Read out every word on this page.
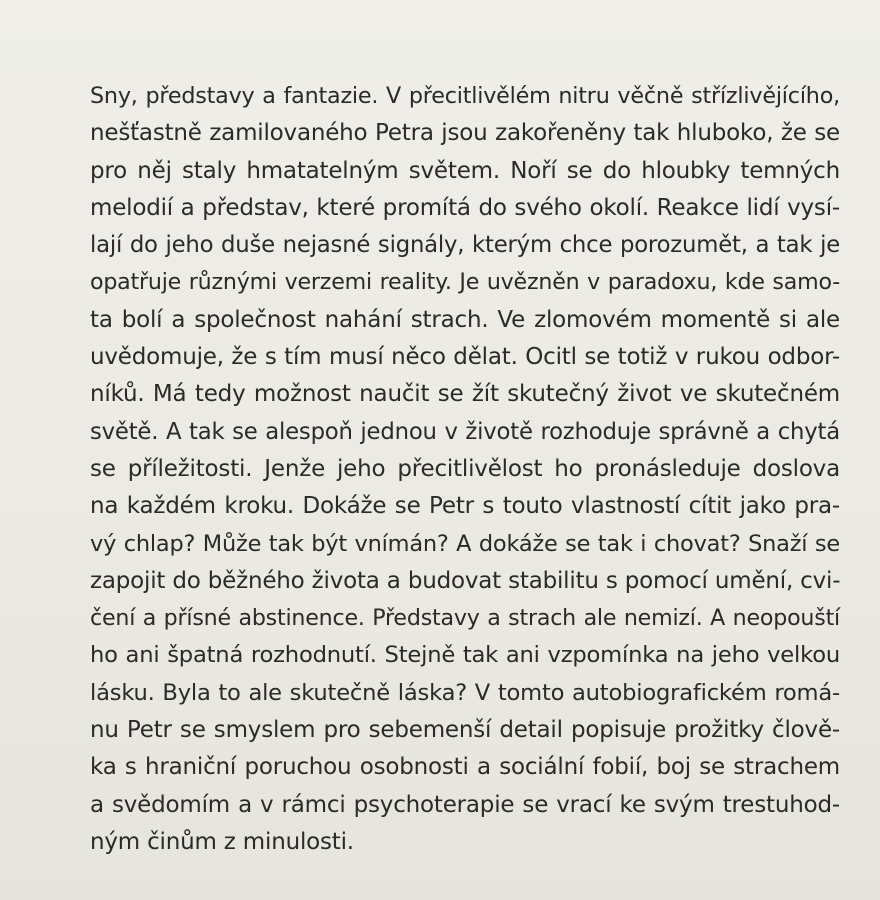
Sny, představy a fantazie. V přecitlivělém nitru věčně střízlivějícího,
nešťastně zamilovaného Petra jsou zakořeněny tak hluboko, že se
pro něj staly hmatatelným světem. Noří se do hloubky temných
melodií a představ, které promítá do svého okolí. Reakce lidí vysí-
lají do jeho duše nejasné signály, kterým chce porozumět, a tak je
opatřuje různými verzemi reality. Je uvězněn v paradoxu, kde samo-
ta bolí a společnost nahání strach. Ve zlomovém momentě si ale
uvědomuje, že s tím musí něco dělat. Ocitl se totiž v rukou odbor-
níků. Má tedy možnost naučit se žít skutečný život ve skutečném
světě. A tak se alespoň jednou v životě rozhoduje správně a chytá
se příležitosti. Jenže jeho přecitlivělost ho pronásleduje doslova
na každém kroku. Dokáže se Petr s touto vlastností cítit jako pra-
vý chlap? Může tak být vnímán? A dokáže se tak i chovat? Snaží se
zapojit do běžného života a budovat stabilitu s pomocí umění, cvi-
čení a přísné abstinence. Představy a strach ale nemizí. A neopouští
ho ani špatná rozhodnutí. Stejně tak ani vzpomínka na jeho velkou
lásku. Byla to ale skutečně láska? V tomto autobiografickém romá-
nu Petr se smyslem pro sebemenší detail popisuje prožitky člově-
ka s hraniční poruchou osobnosti a sociální fobií, boj se strachem
a svědomím a v rámci psychoterapie se vrací ke svým trestuhod-
ným činům z minulosti.
